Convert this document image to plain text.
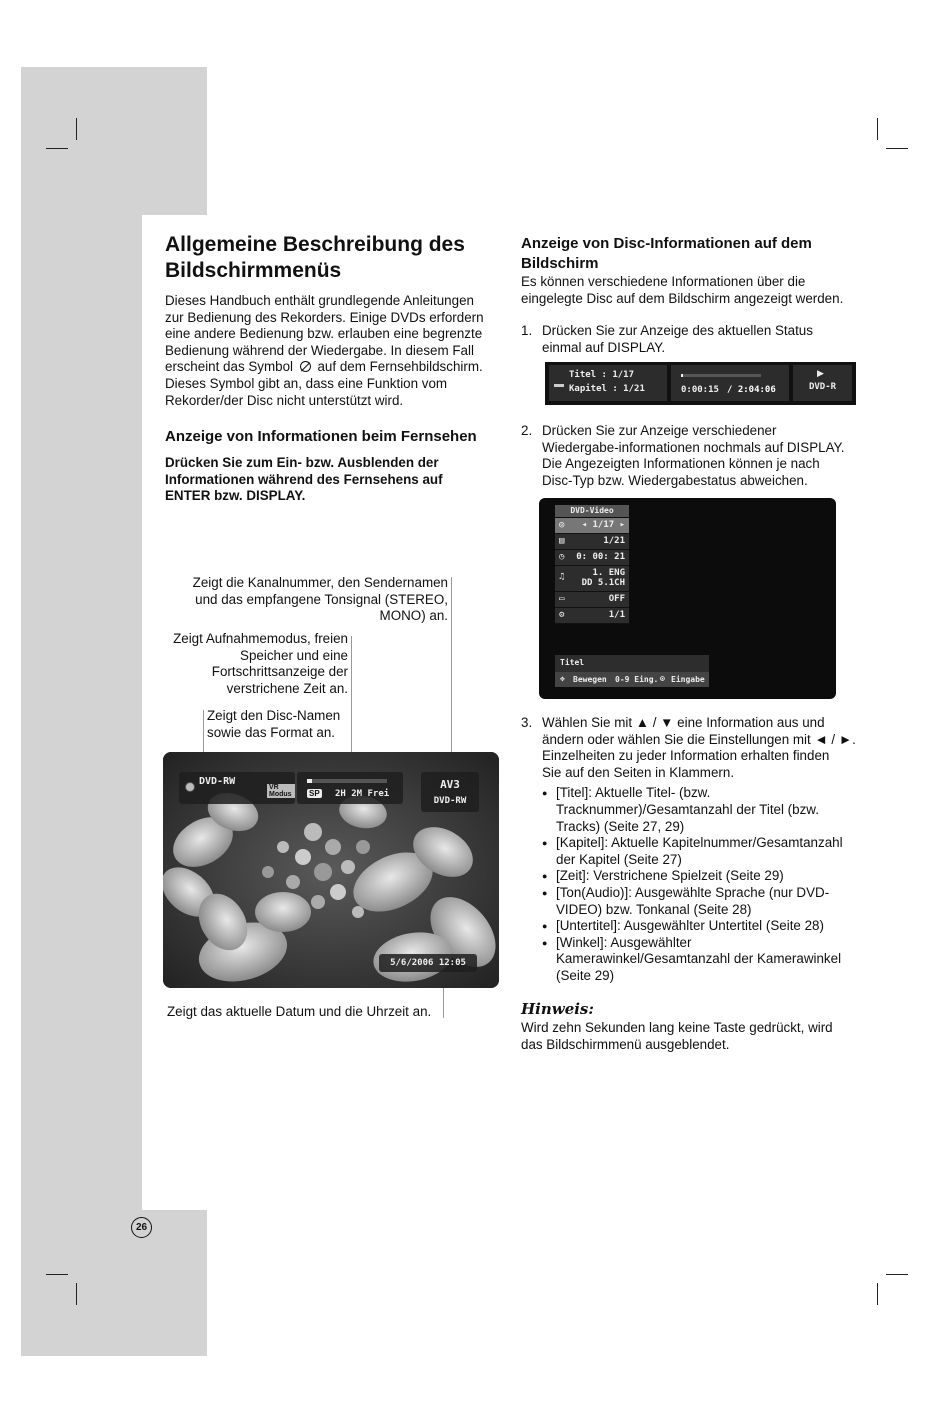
Allgemeine Beschreibung des Bildschirmmenüs
Dieses Handbuch enthält grundlegende Anleitungen
zur Bedienung des Rekorders. Einige DVDs erfordern
eine andere Bedienung bzw. erlauben eine begrenzte
Bedienung während der Wiedergabe. In diesem Fall
erscheint das Symbol auf dem Fernsehbildschirm.
Dieses Symbol gibt an, dass eine Funktion vom
Rekorder/der Disc nicht unterstützt wird.
Anzeige von Informationen beim Fernsehen
Drücken Sie zum Ein- bzw. Ausblenden der
Informationen während des Fernsehens auf
ENTER bzw. DISPLAY.
Zeigt die Kanalnummer, den Sendernamen
und das empfangene Tonsignal (STEREO,
MONO) an.
Zeigt Aufnahmemodus, freien
Speicher und eine
Fortschrittsanzeige der
verstrichene Zeit an.
Zeigt den Disc-Namen
sowie das Format an.
DVD-RW
VR Modus	SP 2H 2M Frei
AV3
DVD-RW
5/6/2006 12:05
Zeigt das aktuelle Datum und die Uhrzeit an.
26
Anzeige von Disc-Informationen auf dem Bildschirm
Es können verschiedene Informationen über die
eingelegte Disc auf dem Bildschirm angezeigt werden.
1. Drücken Sie zur Anzeige des aktuellen Status
einmal auf DISPLAY.
▬
Titel : 1/17
Kapitel : 1/21	0:00:15 / 2:04:06
▶
DVD-R
2. Drücken Sie zur Anzeige verschiedener
Wiedergabe-informationen nochmals auf DISPLAY.
Die Angezeigten Informationen können je nach
Disc-Typ bzw. Wiedergabestatus abweichen.
DVD-Video
◎ ◂ 1/17 ▸
▤	1/21
◷ 0: 00: 21
♫	1. ENG
DD 5.1CH
▭	OFF
⚙	1/1
Titel
✥ Bewegen 0-9 Eing. ⊙ Eingabe
3. Wählen Sie mit ▲ / ▼ eine Information aus und
ändern oder wählen Sie die Einstellungen mit ◄ / ►.
Einzelheiten zu jeder Information erhalten finden
Sie auf den Seiten in Klammern.
● [Titel]: Aktuelle Titel- (bzw.
Tracknummer)/Gesamtanzahl der Titel (bzw.
Tracks) (Seite 27, 29)
● [Kapitel]: Aktuelle Kapitelnummer/Gesamtanzahl
der Kapitel (Seite 27)
● [Zeit]: Verstrichene Spielzeit (Seite 29)
● [Ton(Audio)]: Ausgewählte Sprache (nur DVD-
VIDEO) bzw. Tonkanal (Seite 28)
● [Untertitel]: Ausgewählter Untertitel (Seite 28)
● [Winkel]: Ausgewählter
Kamerawinkel/Gesamtanzahl der Kamerawinkel
(Seite 29)
Hinweis:
Wird zehn Sekunden lang keine Taste gedrückt, wird
das Bildschirmmenü ausgeblendet.
